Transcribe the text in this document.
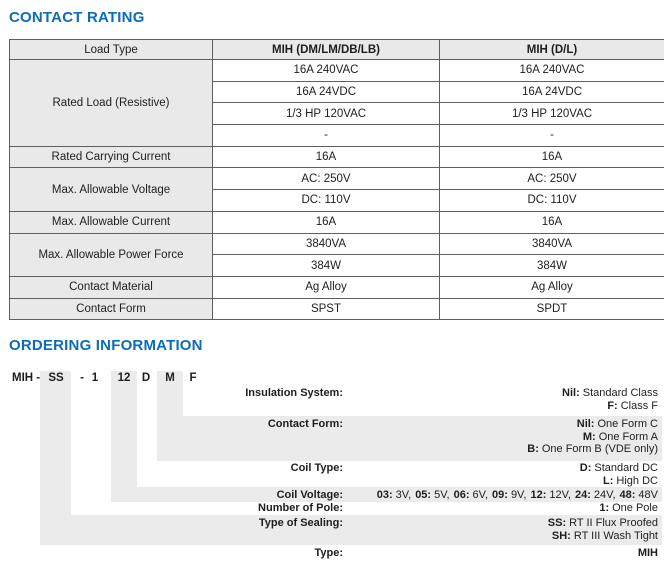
CONTACT RATING
Load Type	MIH (DM/LM/DB/LB)	MIH (D/L)
Rated Load (Resistive)	16A 240VAC	16A 240VAC
	16A 24VDC	16A 24VDC
	1/3 HP 120VAC	1/3 HP 120VAC
	-	-
Rated Carrying Current	16A	16A
Max. Allowable Voltage	AC: 250V	AC: 250V
	DC: 110V	DC: 110V
Max. Allowable Current	16A	16A
Max. Allowable Power Force	3840VA	3840VA
	384W	384W
Contact Material	Ag Alloy	Ag Alloy
Contact Form	SPST	SPDT
ORDERING INFORMATION
MIH - SS - 1 12 D M F
Insulation System:	Nil: Standard Class
F: Class F
Contact Form:	Nil: One Form C
M: One Form A
B: One Form B (VDE only)
Coil Type:	D: Standard DC
L: High DC
Coil Voltage:	03: 3V, 05: 5V, 06: 6V, 09: 9V, 12: 12V, 24: 24V, 48: 48V
Number of Pole:	1: One Pole
Type of Sealing:	SS: RT II Flux Proofed
SH: RT III Wash Tight
Type:	MIH
